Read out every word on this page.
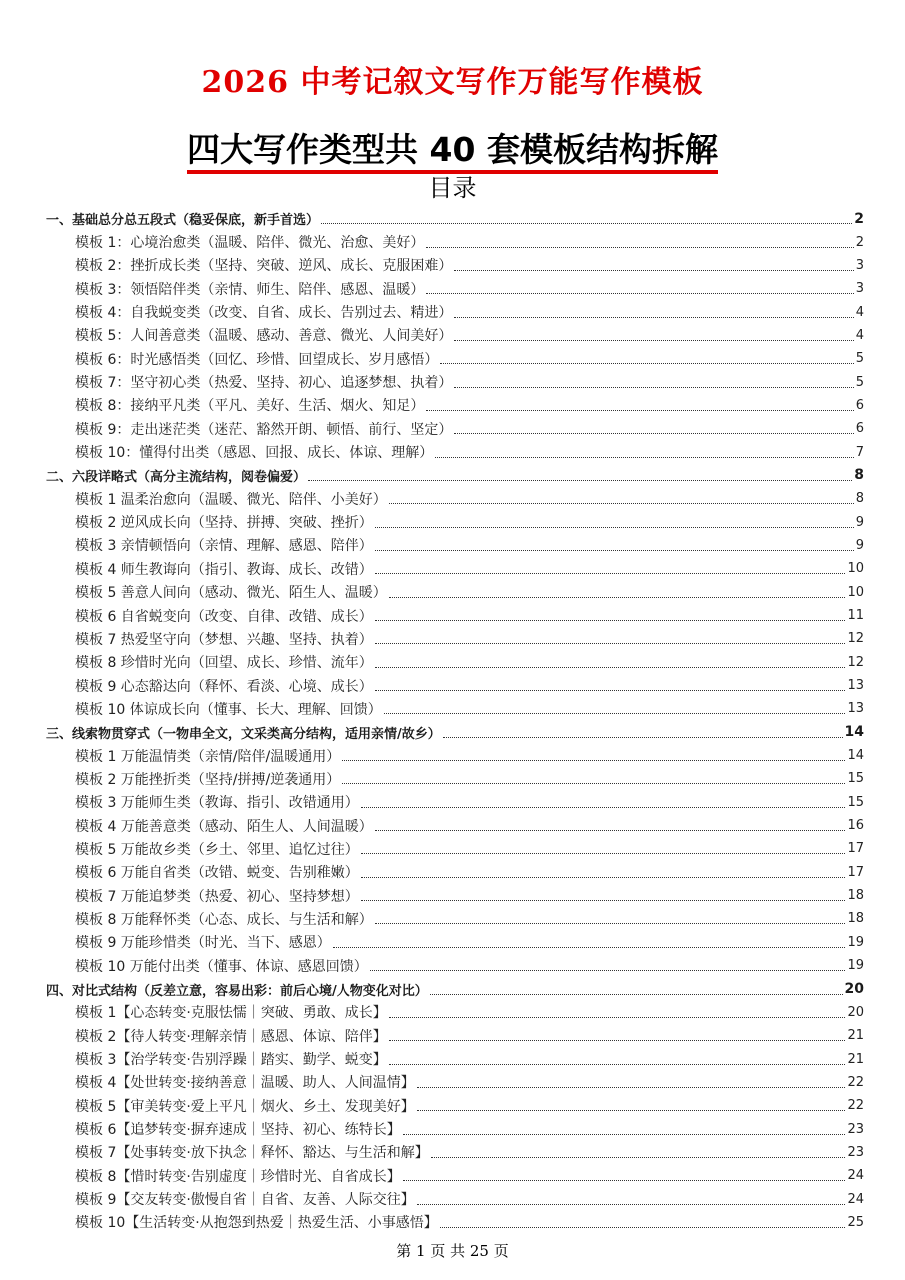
2026 中考记叙文写作万能写作模板
四大写作类型共 40 套模板结构拆解
目录
一、基础总分总五段式（稳妥保底，新手首选）	2
模板 1：心境治愈类（温暖、陪伴、微光、治愈、美好）	2
模板 2：挫折成长类（坚持、突破、逆风、成长、克服困难）	3
模板 3：领悟陪伴类（亲情、师生、陪伴、感恩、温暖）	3
模板 4：自我蜕变类（改变、自省、成长、告别过去、精进）	4
模板 5：人间善意类（温暖、感动、善意、微光、人间美好）	4
模板 6：时光感悟类（回忆、珍惜、回望成长、岁月感悟）	5
模板 7：坚守初心类（热爱、坚持、初心、追逐梦想、执着）	5
模板 8：接纳平凡类（平凡、美好、生活、烟火、知足）	6
模板 9：走出迷茫类（迷茫、豁然开朗、顿悟、前行、坚定）	6
模板 10：懂得付出类（感恩、回报、成长、体谅、理解）	7
二、六段详略式（高分主流结构，阅卷偏爱）	8
模板 1 温柔治愈向（温暖、微光、陪伴、小美好）	8
模板 2 逆风成长向（坚持、拼搏、突破、挫折）	9
模板 3 亲情顿悟向（亲情、理解、感恩、陪伴）	9
模板 4 师生教诲向（指引、教诲、成长、改错）	10
模板 5 善意人间向（感动、微光、陌生人、温暖）	10
模板 6 自省蜕变向（改变、自律、改错、成长）	11
模板 7 热爱坚守向（梦想、兴趣、坚持、执着）	12
模板 8 珍惜时光向（回望、成长、珍惜、流年）	12
模板 9 心态豁达向（释怀、看淡、心境、成长）	13
模板 10 体谅成长向（懂事、长大、理解、回馈）	13
三、线索物贯穿式（一物串全文，文采类高分结构，适用亲情/故乡）	14
模板 1 万能温情类（亲情/陪伴/温暖通用）	14
模板 2 万能挫折类（坚持/拼搏/逆袭通用）	15
模板 3 万能师生类（教诲、指引、改错通用）	15
模板 4 万能善意类（感动、陌生人、人间温暖）	16
模板 5 万能故乡类（乡土、邻里、追忆过往）	17
模板 6 万能自省类（改错、蜕变、告别稚嫩）	17
模板 7 万能追梦类（热爱、初心、坚持梦想）	18
模板 8 万能释怀类（心态、成长、与生活和解）	18
模板 9 万能珍惜类（时光、当下、感恩）	19
模板 10 万能付出类（懂事、体谅、感恩回馈）	19
四、对比式结构（反差立意，容易出彩：前后心境/人物变化对比）	20
模板 1【心态转变·克服怯懦｜突破、勇敢、成长】	20
模板 2【待人转变·理解亲情｜感恩、体谅、陪伴】	21
模板 3【治学转变·告别浮躁｜踏实、勤学、蜕变】	21
模板 4【处世转变·接纳善意｜温暖、助人、人间温情】	22
模板 5【审美转变·爱上平凡｜烟火、乡土、发现美好】	22
模板 6【追梦转变·摒弃速成｜坚持、初心、练特长】	23
模板 7【处事转变·放下执念｜释怀、豁达、与生活和解】	23
模板 8【惜时转变·告别虚度｜珍惜时光、自省成长】	24
模板 9【交友转变·傲慢自省｜自省、友善、人际交往】	24
模板 10【生活转变·从抱怨到热爱｜热爱生活、小事感悟】	25
第 1 页 共 25 页
